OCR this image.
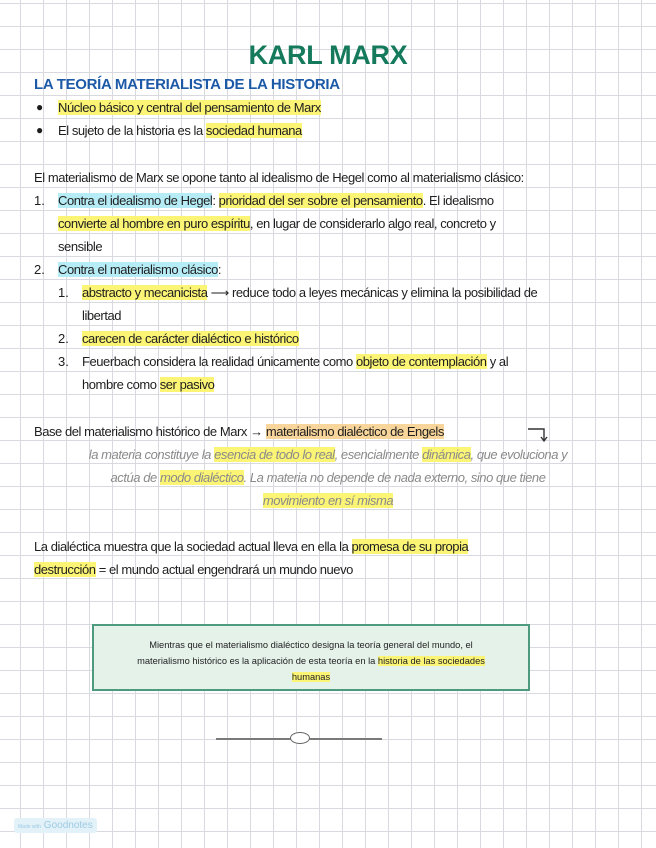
KARL MARX
LA TEORÍA MATERIALISTA DE LA HISTORIA
● Núcleo básico y central del pensamiento de Marx
● El sujeto de la historia es la sociedad humana
El materialismo de Marx se opone tanto al idealismo de Hegel como al materialismo clásico:
1. Contra el idealismo de Hegel: prioridad del ser sobre el pensamiento. El idealismo
convierte al hombre en puro espíritu, en lugar de considerarlo algo real, concreto y
sensible
2. Contra el materialismo clásico:
1. abstracto y mecanicista ⟶ reduce todo a leyes mecánicas y elimina la posibilidad de
libertad
2. carecen de carácter dialéctico e histórico
3. Feuerbach considera la realidad únicamente como objeto de contemplación y al
hombre como ser pasivo
Base del materialismo histórico de Marx → materialismo dialéctico de Engels
la materia constituye la esencia de todo lo real, esencialmente dinámica, que evoluciona y
actúa de modo dialéctico. La materia no depende de nada externo, sino que tiene
movimiento en sí misma
La dialéctica muestra que la sociedad actual lleva en ella la promesa de su propia
destrucción = el mundo actual engendrará un mundo nuevo
Mientras que el materialismo dialéctico designa la teoría general del mundo, el
materialismo histórico es la aplicación de esta teoría en la historia de las sociedades
humanas
Made with Goodnotes
